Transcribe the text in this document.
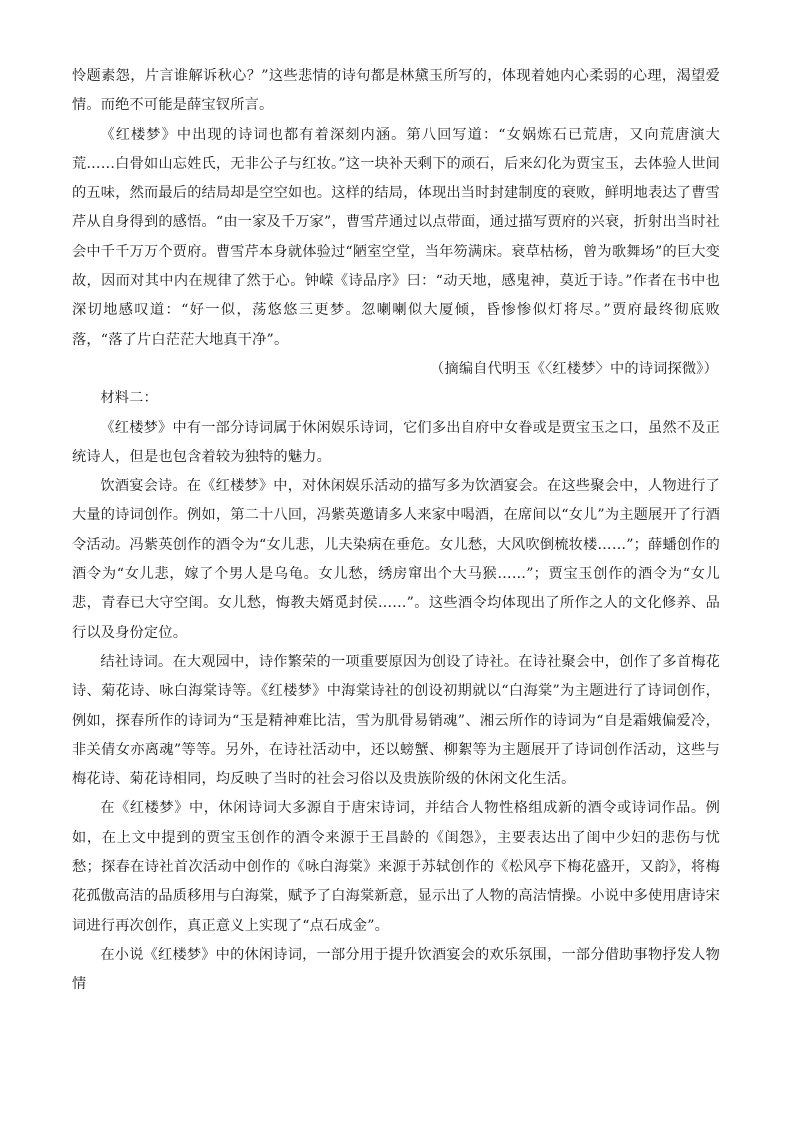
怜题素怨，片言谁解诉秋心？”这些悲情的诗句都是林黛玉所写的，体现着她内心柔弱的心理，渴望爱情。而绝不可能是薛宝钗所言。

《红楼梦》中出现的诗词也都有着深刻内涵。第八回写道：“女娲炼石已荒唐，又向荒唐演大荒……白骨如山忘姓氏，无非公子与红妆。”这一块补天剩下的顽石，后来幻化为贾宝玉，去体验人世间的五味，然而最后的结局却是空空如也。这样的结局，体现出当时封建制度的衰败，鲜明地表达了曹雪芹从自身得到的感悟。“由一家及千万家”，曹雪芹通过以点带面，通过描写贾府的兴衰，折射出当时社会中千千万万个贾府。曹雪芹本身就体验过“陋室空堂，当年笏满床。衰草枯杨，曾为歌舞场”的巨大变故，因而对其中内在规律了然于心。钟嵘《诗品序》曰：“动天地，感鬼神，莫近于诗。”作者在书中也深切地感叹道：“好一似，荡悠悠三更梦。忽喇喇似大厦倾，昏惨惨似灯将尽。”贾府最终彻底败落，“落了片白茫茫大地真干净”。

（摘编自代明玉《〈红楼梦〉中的诗词探微》）

材料二：

《红楼梦》中有一部分诗词属于休闲娱乐诗词，它们多出自府中女眷或是贾宝玉之口，虽然不及正统诗人，但是也包含着较为独特的魅力。

饮酒宴会诗。在《红楼梦》中，对休闲娱乐活动的描写多为饮酒宴会。在这些聚会中，人物进行了大量的诗词创作。例如，第二十八回，冯紫英邀请多人来家中喝酒，在席间以“女儿”为主题展开了行酒令活动。冯紫英创作的酒令为“女儿悲，儿夫染病在垂危。女儿愁，大风吹倒梳妆楼……”；薛蟠创作的酒令为“女儿悲，嫁了个男人是乌龟。女儿愁，绣房窜出个大马猴……”；贾宝玉创作的酒令为“女儿悲，青春已大守空闺。女儿愁，悔教夫婿觅封侯……”。这些酒令均体现出了所作之人的文化修养、品行以及身份定位。

结社诗词。在大观园中，诗作繁荣的一项重要原因为创设了诗社。在诗社聚会中，创作了多首梅花诗、菊花诗、咏白海棠诗等。《红楼梦》中海棠诗社的创设初期就以“白海棠”为主题进行了诗词创作，例如，探春所作的诗词为“玉是精神难比洁，雪为肌骨易销魂”、湘云所作的诗词为“自是霜娥偏爱冷，非关倩女亦离魂”等等。另外，在诗社活动中，还以螃蟹、柳絮等为主题展开了诗词创作活动，这些与梅花诗、菊花诗相同，均反映了当时的社会习俗以及贵族阶级的休闲文化生活。

在《红楼梦》中，休闲诗词大多源自于唐宋诗词，并结合人物性格组成新的酒令或诗词作品。例如，在上文中提到的贾宝玉创作的酒令来源于王昌龄的《闺怨》，主要表达出了闺中少妇的悲伤与忧愁；探春在诗社首次活动中创作的《咏白海棠》来源于苏轼创作的《松风亭下梅花盛开，又韵》，将梅花孤傲高洁的品质移用与白海棠，赋予了白海棠新意，显示出了人物的高洁情操。小说中多使用唐诗宋词进行再次创作，真正意义上实现了“点石成金”。

在小说《红楼梦》中的休闲诗词，一部分用于提升饮酒宴会的欢乐氛围，一部分借助事物抒发人物情
